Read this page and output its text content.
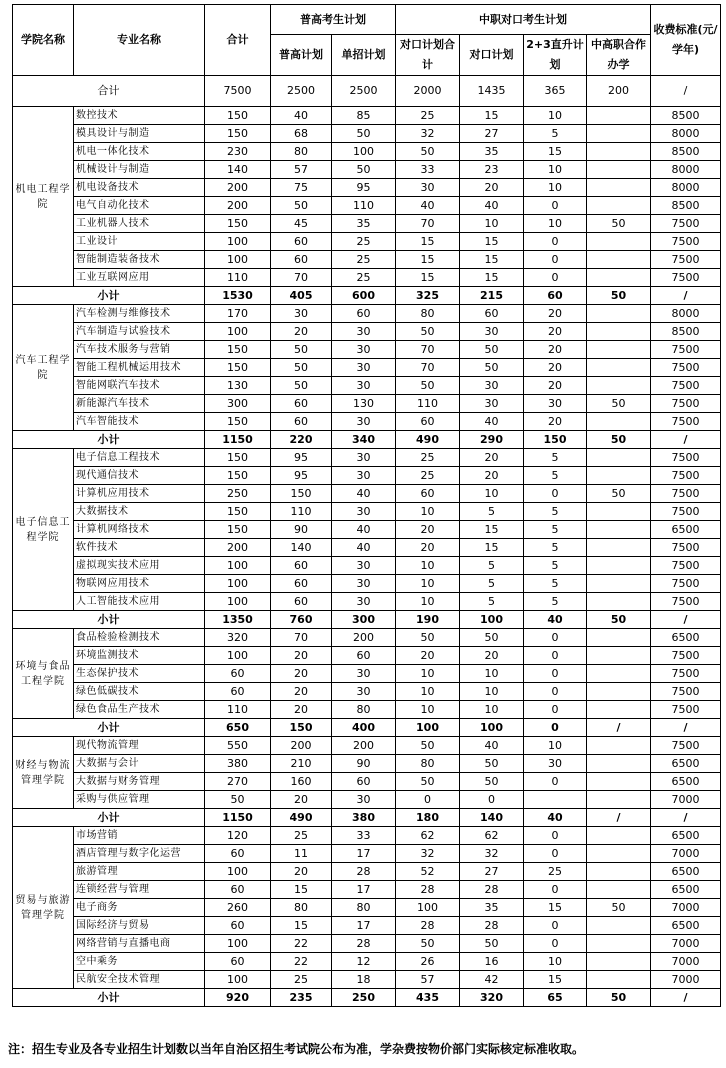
学院名称	专业名称	合计	普高考生计划		中职对口考生计划				收费标准(元/学年)
			普高计划	单招计划	对口计划合计	对口计划	2+3直升计划	中高职合作办学	
合计		7500	2500	2500	2000	1435	365	200	/
机电工程学院	数控技术	150	40	85	25	15	10		8500
	模具设计与制造	150	68	50	32	27	5		8000
	机电一体化技术	230	80	100	50	35	15		8500
	机械设计与制造	140	57	50	33	23	10		8000
	机电设备技术	200	75	95	30	20	10		8000
	电气自动化技术	200	50	110	40	40	0		8500
	工业机器人技术	150	45	35	70	10	10	50	7500
	工业设计	100	60	25	15	15	0		7500
	智能制造装备技术	100	60	25	15	15	0		7500
	工业互联网应用	110	70	25	15	15	0		7500
小计		1530	405	600	325	215	60	50	/
汽车工程学院	汽车检测与维修技术	170	30	60	80	60	20		8000
	汽车制造与试验技术	100	20	30	50	30	20		8500
	汽车技术服务与营销	150	50	30	70	50	20		7500
	智能工程机械运用技术	150	50	30	70	50	20		7500
	智能网联汽车技术	130	50	30	50	30	20		7500
	新能源汽车技术	300	60	130	110	30	30	50	7500
	汽车智能技术	150	60	30	60	40	20		7500
小计		1150	220	340	490	290	150	50	/
电子信息工程学院	电子信息工程技术	150	95	30	25	20	5		7500
	现代通信技术	150	95	30	25	20	5		7500
	计算机应用技术	250	150	40	60	10	0	50	7500
	大数据技术	150	110	30	10	5	5		7500
	计算机网络技术	150	90	40	20	15	5		6500
	软件技术	200	140	40	20	15	5		7500
	虚拟现实技术应用	100	60	30	10	5	5		7500
	物联网应用技术	100	60	30	10	5	5		7500
	人工智能技术应用	100	60	30	10	5	5		7500
小计		1350	760	300	190	100	40	50	/
环境与食品工程学院	食品检验检测技术	320	70	200	50	50	0		6500
	环境监测技术	100	20	60	20	20	0		7500
	生态保护技术	60	20	30	10	10	0		7500
	绿色低碳技术	60	20	30	10	10	0		7500
	绿色食品生产技术	110	20	80	10	10	0		7500
小计		650	150	400	100	100	0	/	/
财经与物流管理学院	现代物流管理	550	200	200	50	40	10		7500
	大数据与会计	380	210	90	80	50	30		6500
	大数据与财务管理	270	160	60	50	50	0		6500
	采购与供应管理	50	20	30	0	0			7000
小计		1150	490	380	180	140	40	/	/
贸易与旅游管理学院	市场营销	120	25	33	62	62	0		6500
	酒店管理与数字化运营	60	11	17	32	32	0		7000
	旅游管理	100	20	28	52	27	25		6500
	连锁经营与管理	60	15	17	28	28	0		6500
	电子商务	260	80	80	100	35	15	50	7000
	国际经济与贸易	60	15	17	28	28	0		6500
	网络营销与直播电商	100	22	28	50	50	0		7000
	空中乘务	60	22	12	26	16	10		7000
	民航安全技术管理	100	25	18	57	42	15		7000
小计		920	235	250	435	320	65	50	/
注：招生专业及各专业招生计划数以当年自治区招生考试院公布为准，学杂费按物价部门实际核定标准收取。
